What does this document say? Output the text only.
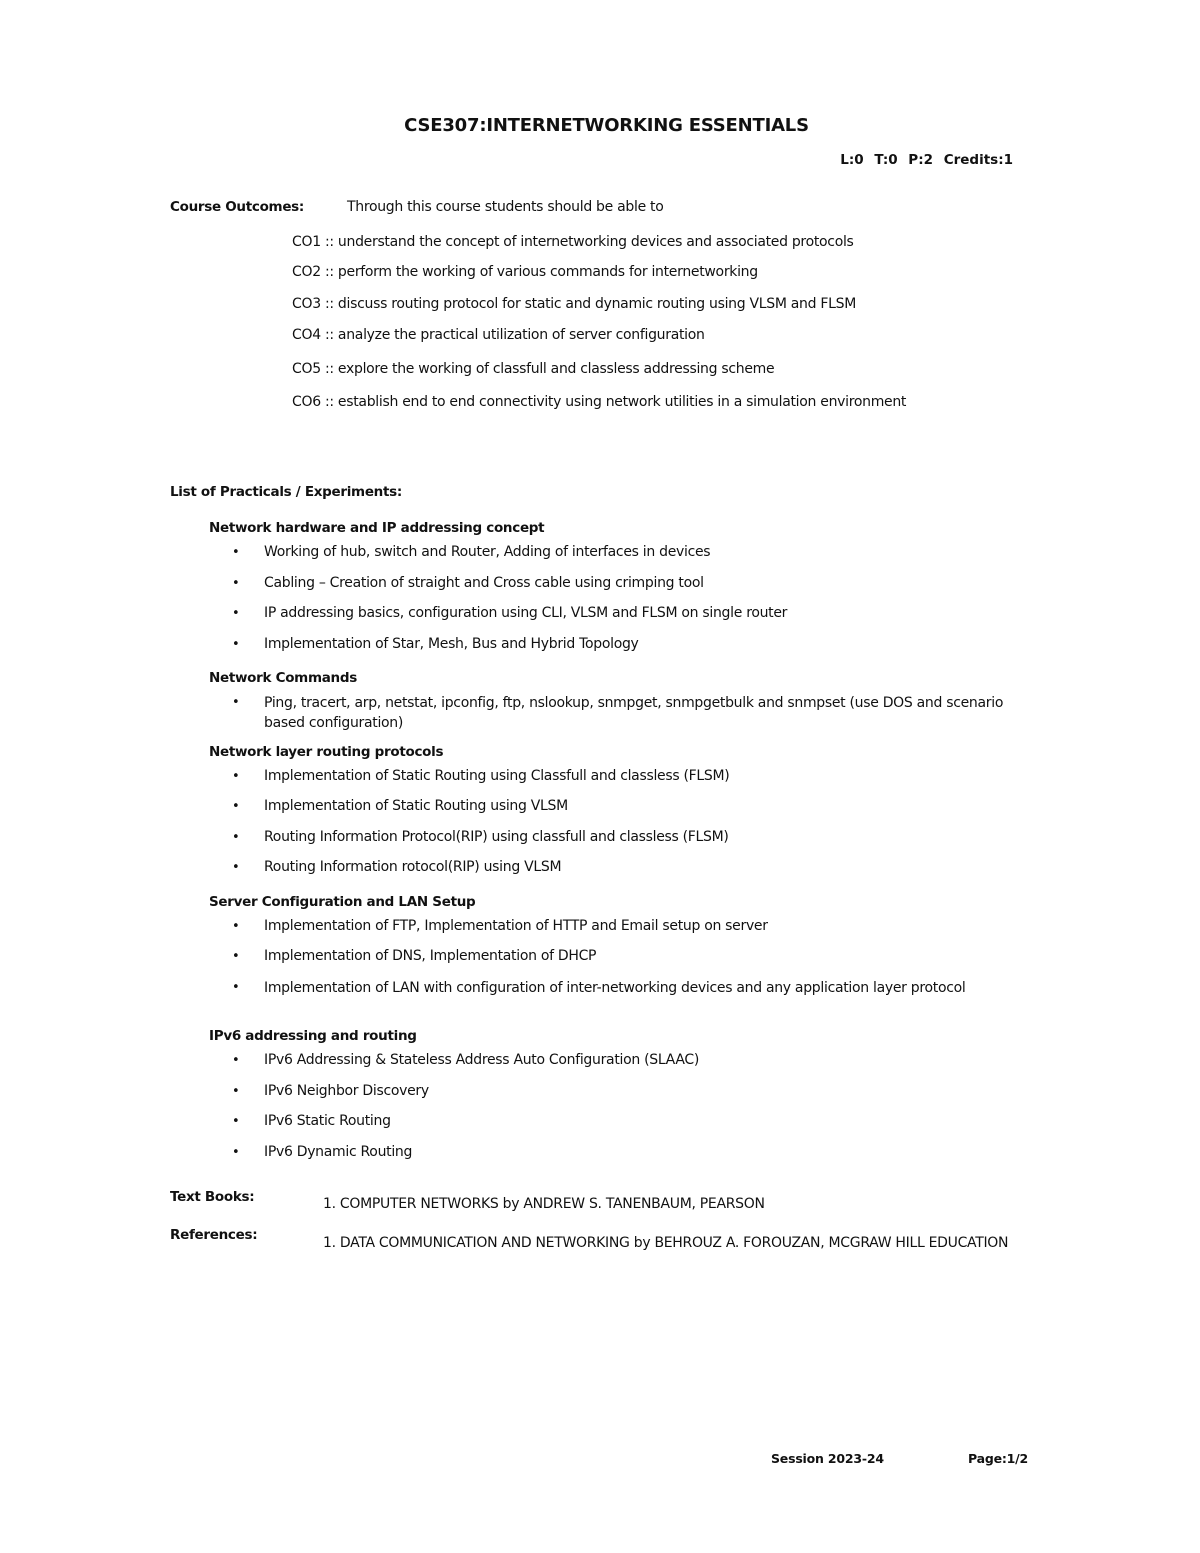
CSE307:INTERNETWORKING ESSENTIALS
L:0 T:0 P:2 Credits:1
Course Outcomes:	Through this course students should be able to
CO1 :: understand the concept of internetworking devices and associated protocols
CO2 :: perform the working of various commands for internetworking
CO3 :: discuss routing protocol for static and dynamic routing using VLSM and FLSM
CO4 :: analyze the practical utilization of server configuration
CO5 :: explore the working of classfull and classless addressing scheme
CO6 :: establish end to end connectivity using network utilities in a simulation environment
List of Practicals / Experiments:
Network hardware and IP addressing concept
• Working of hub, switch and Router, Adding of interfaces in devices
• Cabling – Creation of straight and Cross cable using crimping tool
• IP addressing basics, configuration using CLI, VLSM and FLSM on single router
• Implementation of Star, Mesh, Bus and Hybrid Topology
Network Commands
• Ping, tracert, arp, netstat, ipconfig, ftp, nslookup, snmpget, snmpgetbulk and snmpset (use DOS and scenario based configuration)
Network layer routing protocols
• Implementation of Static Routing using Classfull and classless (FLSM)
• Implementation of Static Routing using VLSM
• Routing Information Protocol(RIP) using classfull and classless (FLSM)
• Routing Information rotocol(RIP) using VLSM
Server Configuration and LAN Setup
• Implementation of FTP, Implementation of HTTP and Email setup on server
• Implementation of DNS, Implementation of DHCP
• Implementation of LAN with configuration of inter-networking devices and any application layer protocol
IPv6 addressing and routing
• IPv6 Addressing & Stateless Address Auto Configuration (SLAAC)
• IPv6 Neighbor Discovery
• IPv6 Static Routing
• IPv6 Dynamic Routing
Text Books:	1. COMPUTER NETWORKS by ANDREW S. TANENBAUM, PEARSON
References:	1. DATA COMMUNICATION AND NETWORKING by BEHROUZ A. FOROUZAN, MCGRAW HILL EDUCATION
Session 2023-24	Page:1/2
